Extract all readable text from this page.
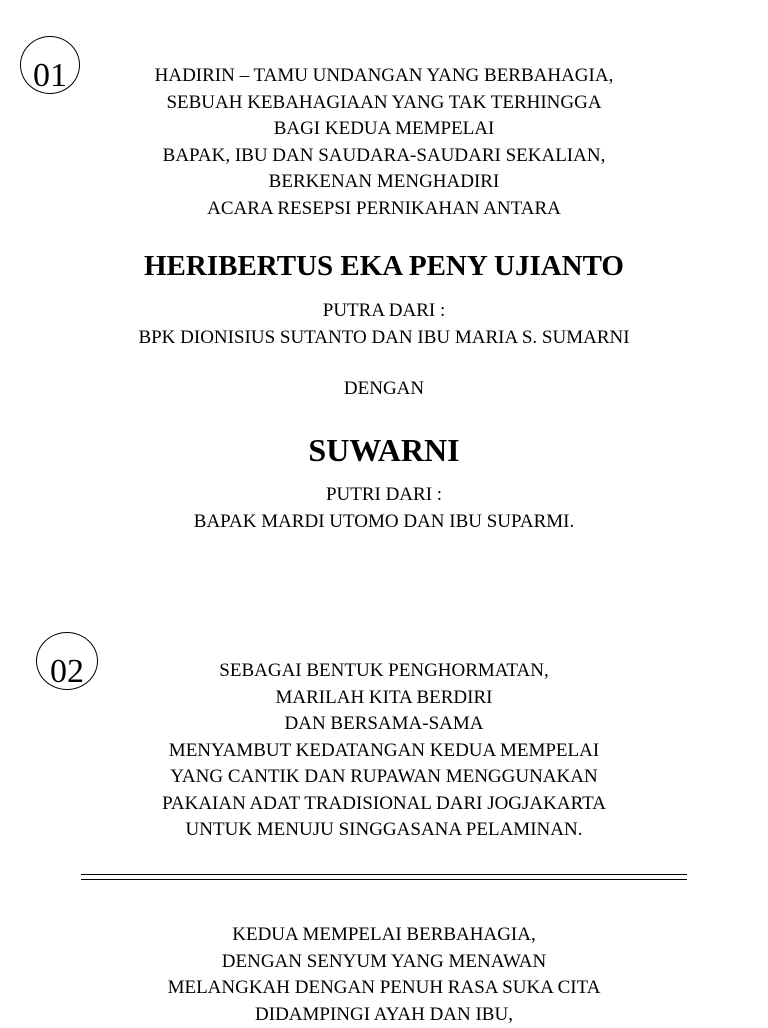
01	HADIRIN – TAMU UNDANGAN YANG BERBAHAGIA,
SEBUAH KEBAHAGIAAN YANG TAK TERHINGGA
BAGI KEDUA MEMPELAI
BAPAK, IBU DAN SAUDARA-SAUDARI SEKALIAN,
BERKENAN MENGHADIRI
ACARA RESEPSI PERNIKAHAN ANTARA
HERIBERTUS EKA PENY UJIANTO
PUTRA DARI :
BPK DIONISIUS SUTANTO DAN IBU MARIA S. SUMARNI
DENGAN
SUWARNI
PUTRI DARI :
BAPAK MARDI UTOMO DAN IBU SUPARMI.
02	SEBAGAI BENTUK PENGHORMATAN,
MARILAH KITA BERDIRI
DAN BERSAMA-SAMA
MENYAMBUT KEDATANGAN KEDUA MEMPELAI
YANG CANTIK DAN RUPAWAN MENGGUNAKAN
PAKAIAN ADAT TRADISIONAL DARI JOGJAKARTA
UNTUK MENUJU SINGGASANA PELAMINAN.
KEDUA MEMPELAI BERBAHAGIA,
DENGAN SENYUM YANG MENAWAN
MELANGKAH DENGAN PENUH RASA SUKA CITA
DIDAMPINGI AYAH DAN IBU,
